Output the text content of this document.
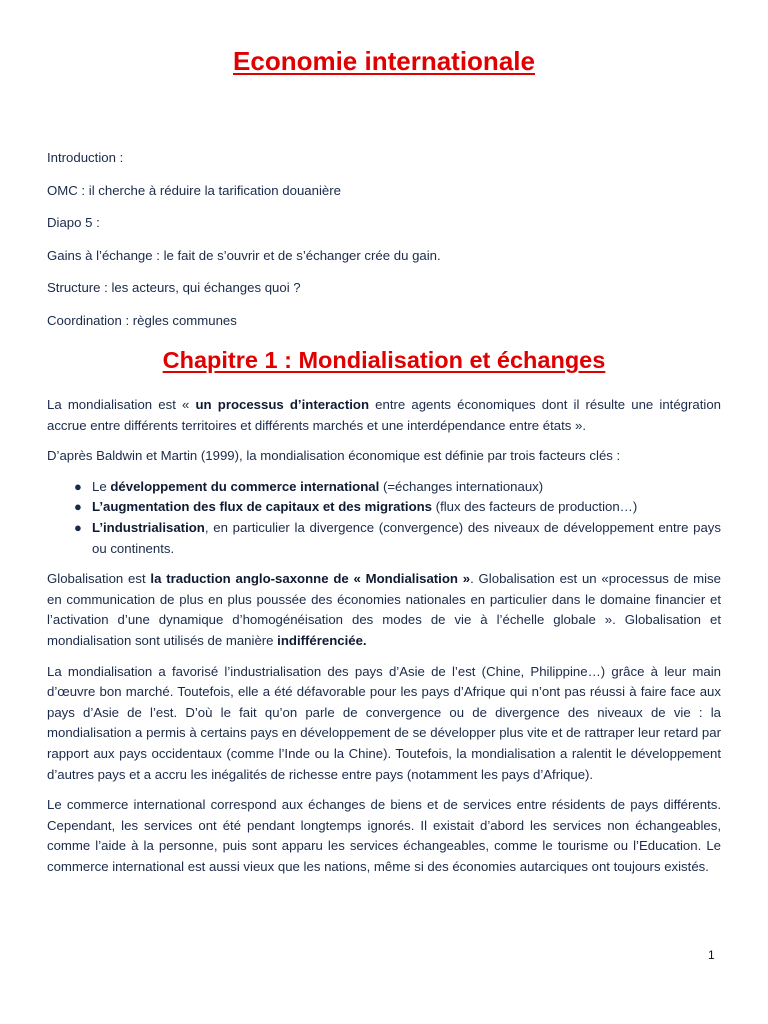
Economie internationale

Introduction :

OMC : il cherche à réduire la tarification douanière

Diapo 5 :

Gains à l’échange : le fait de s’ouvrir et de s’échanger crée du gain.

Structure : les acteurs, qui échanges quoi ?

Coordination : règles communes

Chapitre 1 : Mondialisation et échanges

La mondialisation est « un processus d’interaction entre agents économiques dont il résulte une intégration accrue entre différents territoires et différents marchés et une interdépendance entre états ».

D’après Baldwin et Martin (1999), la mondialisation économique est définie par trois facteurs clés :

● Le développement du commerce international (=échanges internationaux)
● L’augmentation des flux de capitaux et des migrations (flux des facteurs de production…)
● L’industrialisation, en particulier la divergence (convergence) des niveaux de développement entre pays ou continents.

Globalisation est la traduction anglo-saxonne de « Mondialisation ». Globalisation est un «processus de mise en communication de plus en plus poussée des économies nationales en particulier dans le domaine financier et l’activation d’une dynamique d’homogénéisation des modes de vie à l’échelle globale ». Globalisation et mondialisation sont utilisés de manière indifférenciée.

La mondialisation a favorisé l’industrialisation des pays d’Asie de l’est (Chine, Philippine…) grâce à leur main d’œuvre bon marché. Toutefois, elle a été défavorable pour les pays d’Afrique qui n’ont pas réussi à faire face aux pays d’Asie de l’est. D’où le fait qu’on parle de convergence ou de divergence des niveaux de vie : la mondialisation a permis à certains pays en développement de se développer plus vite et de rattraper leur retard par rapport aux pays occidentaux (comme l’Inde ou la Chine). Toutefois, la mondialisation a ralentit le développement d’autres pays et a accru les inégalités de richesse entre pays (notamment les pays d’Afrique).

Le commerce international correspond aux échanges de biens et de services entre résidents de pays différents. Cependant, les services ont été pendant longtemps ignorés. Il existait d’abord les services non échangeables, comme l’aide à la personne, puis sont apparu les services échangeables, comme le tourisme ou l’Education. Le commerce international est aussi vieux que les nations, même si des économies autarciques ont toujours existés.

1
